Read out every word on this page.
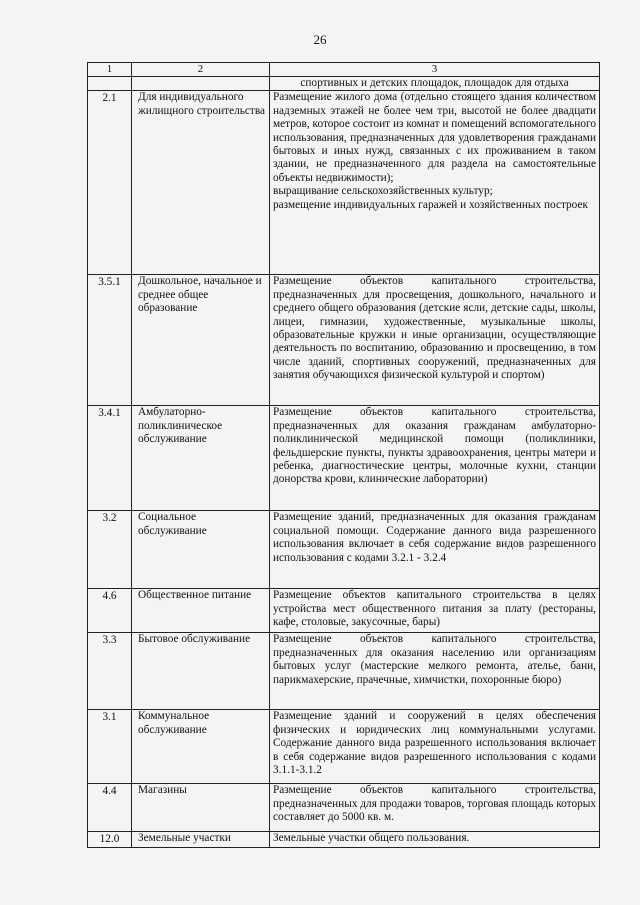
26
1	2	3
		спортивных и детских площадок, площадок для отдыха
2.1	Для индивидуального жилищного строительства	Размещение жилого дома (отдельно стоящего здания количеством надземных этажей не более чем три, высотой не более двадцати метров, которое состоит из комнат и помещений вспомогательного использования, предназначенных для удовлетворения гражданами бытовых и иных нужд, связанных с их проживанием в таком здании, не предназначенного для раздела на самостоятельные объекты недвижимости);
выращивание сельскохозяйственных культур;
размещение индивидуальных гаражей и хозяйственных построек

3.5.1	Дошкольное, начальное и среднее общее образование	Размещение объектов капитального строительства, предназначенных для просвещения, дошкольного, начального и среднего общего образования (детские ясли, детские сады, школы, лицеи, гимназии, художественные, музыкальные школы, образовательные кружки и иные организации, осуществляющие деятельность по воспитанию, образованию и просвещению, в том числе зданий, спортивных сооружений, предназначенных для занятия обучающихся физической культурой и спортом)
3.4.1	Амбулаторно-поликлиническое обслуживание	Размещение объектов капитального строительства, предназначенных для оказания гражданам амбулаторно-поликлинической медицинской помощи (поликлиники, фельдшерские пункты, пункты здравоохранения, центры матери и ребенка, диагностические центры, молочные кухни, станции донорства крови, клинические лаборатории)
3.2	Социальное обслуживание	Размещение зданий, предназначенных для оказания гражданам социальной помощи. Содержание данного вида разрешенного использования включает в себя содержание видов разрешенного использования с кодами 3.2.1 - 3.2.4
4.6	Общественное питание	Размещение объектов капитального строительства в целях устройства мест общественного питания за плату (рестораны, кафе, столовые, закусочные, бары)
3.3	Бытовое обслуживание	Размещение объектов капитального строительства, предназначенных для оказания населению или организациям бытовых услуг (мастерские мелкого ремонта, ателье, бани, парикмахерские, прачечные, химчистки, похоронные бюро)
3.1	Коммунальное обслуживание	Размещение зданий и сооружений в целях обеспечения физических и юридических лиц коммунальными услугами. Содержание данного вида разрешенного использования включает в себя содержание видов разрешенного использования с кодами 3.1.1-3.1.2
4.4	Магазины	Размещение объектов капитального строительства, предназначенных для продажи товаров, торговая площадь которых составляет до 5000 кв. м.
12.0	Земельные участки	Земельные участки общего пользования.
